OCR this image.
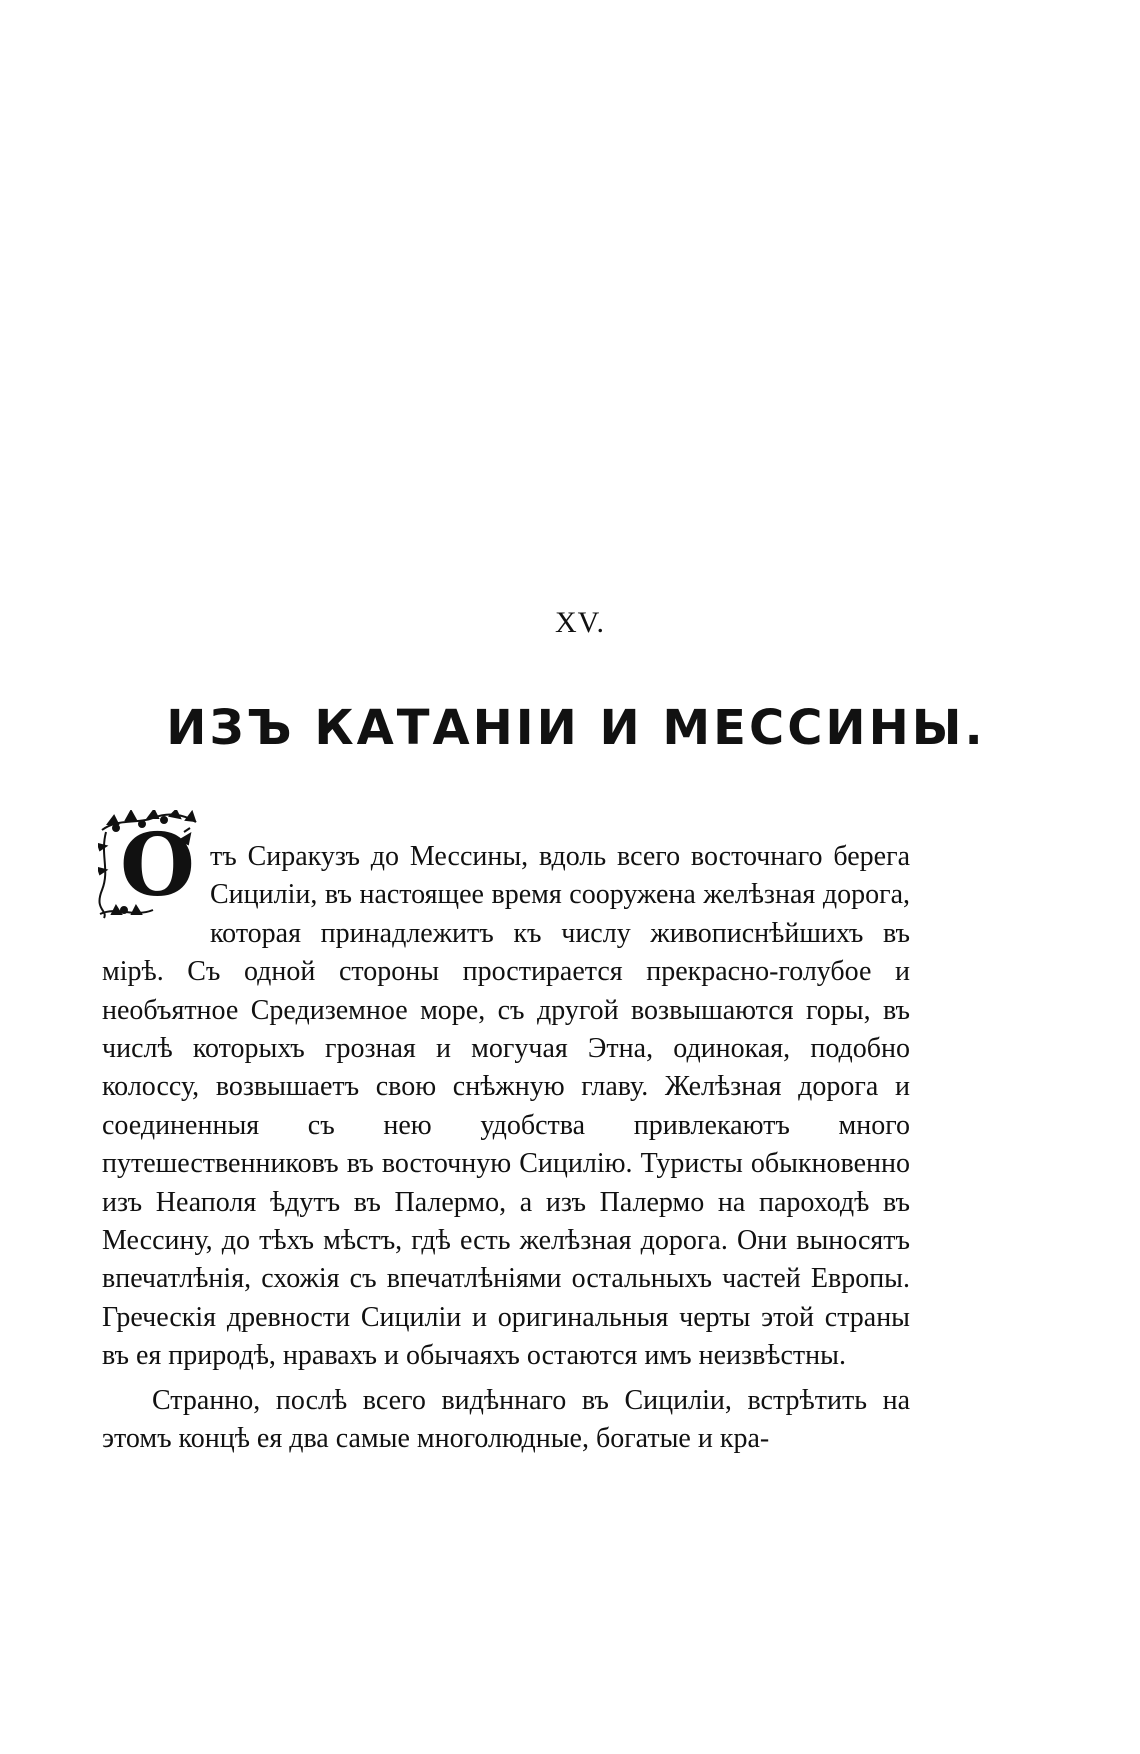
XV.
ИЗЪ КАТАНІИ И МЕССИНЫ.

О тъ Сиракузъ до Мессины, вдоль всего восточнаго берега Сициліи, въ настоящее время сооружена желѣзная дорога, которая принадлежитъ къ числу живописнѣйшихъ въ мірѣ. Съ одной стороны простирается прекрасно-голубое и необъятное Средиземное море, съ другой возвышаются горы, въ числѣ которыхъ грозная и могучая Этна, одинокая, подобно колоссу, возвышаетъ свою снѣжную главу. Желѣзная дорога и соединенныя съ нею удобства привлекаютъ много путешественниковъ въ восточную Сицилію. Туристы обыкновенно изъ Неаполя ѣдутъ въ Палермо, а изъ Палермо на пароходѣ въ Мессину, до тѣхъ мѣстъ, гдѣ есть желѣзная дорога. Они выносятъ впечатлѣнія, схожія съ впечатлѣніями остальныхъ частей Европы. Греческія древности Сициліи и оригинальныя черты этой страны въ ея природѣ, нравахъ и обычаяхъ остаются имъ неизвѣстны.

Странно, послѣ всего видѣннаго въ Сициліи, встрѣтить на этомъ концѣ ея два самые многолюдные, богатые и кра-
